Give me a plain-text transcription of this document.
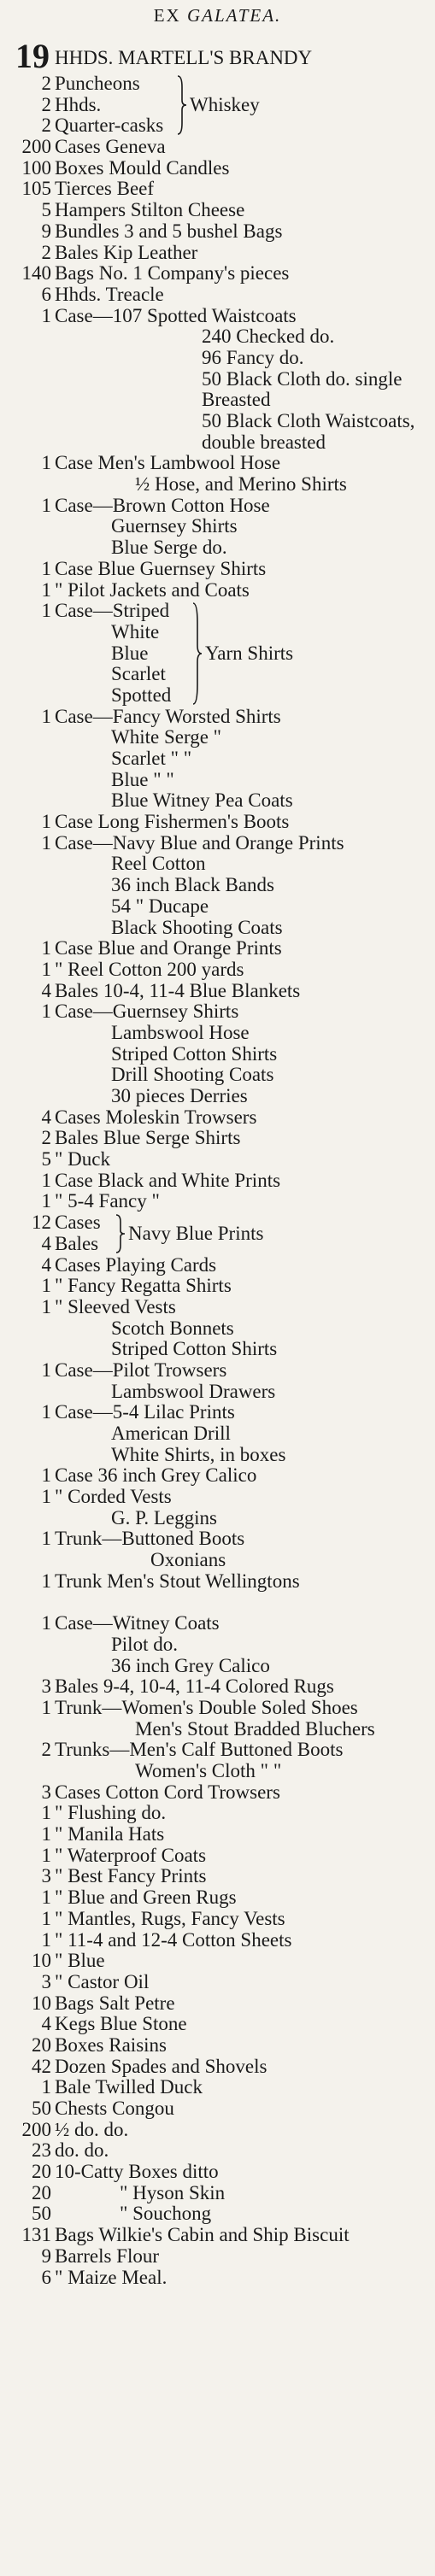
EX GALATEA.
19 HHDS. MARTELL'S BRANDY
2 Puncheons
2 Hhds.
2 Quarter-casks
200 Cases Geneva
100 Boxes Mould Candles
105 Tierces Beef
5 Hampers Stilton Cheese
9 Bundles 3 and 5 bushel Bags
2 Bales Kip Leather
140 Bags No. 1 Company's pieces
6 Hhds. Treacle
1 Case—107 Spotted Waistcoats
240 Checked do.
96 Fancy do.
50 Black Cloth do. single
Breasted
50 Black Cloth Waistcoats,
double breasted
1 Case Men's Lambwool Hose
½ Hose, and Merino Shirts
1 Case—Brown Cotton Hose
Guernsey Shirts
Blue Serge do.
1 Case Blue Guernsey Shirts
1 " Pilot Jackets and Coats
1 Case—Striped
White
Blue
Scarlet
Spotted
1 Case—Fancy Worsted Shirts
White Serge "
Scarlet " "
Blue " "
Blue Witney Pea Coats
1 Case Long Fishermen's Boots
1 Case—Navy Blue and Orange Prints
Reel Cotton
36 inch Black Bands
54 " Ducape
Black Shooting Coats
1 Case Blue and Orange Prints
1 " Reel Cotton 200 yards
4 Bales 10-4, 11-4 Blue Blankets
1 Case—Guernsey Shirts
Lambswool Hose
Striped Cotton Shirts
Drill Shooting Coats
30 pieces Derries
4 Cases Moleskin Trowsers
2 Bales Blue Serge Shirts
5 " Duck
1 Case Black and White Prints
1 " 5-4 Fancy "
12 Cases
4 Bales
4 Cases Playing Cards
1 " Fancy Regatta Shirts
1 " Sleeved Vests
Scotch Bonnets
Striped Cotton Shirts
1 Case—Pilot Trowsers
Lambswool Drawers
1 Case—5-4 Lilac Prints
American Drill
White Shirts, in boxes
1 Case 36 inch Grey Calico
1 " Corded Vests
G. P. Leggins
1 Trunk—Buttoned Boots
Oxonians
1 Trunk Men's Stout Wellingtons
1 Case—Witney Coats
Pilot do.
36 inch Grey Calico
3 Bales 9-4, 10-4, 11-4 Colored Rugs
1 Trunk—Women's Double Soled Shoes
Men's Stout Bradded Bluchers
2 Trunks—Men's Calf Buttoned Boots
Women's Cloth " "
3 Cases Cotton Cord Trowsers
1 " Flushing do.
1 " Manila Hats
1 " Waterproof Coats
3 " Best Fancy Prints
1 " Blue and Green Rugs
1 " Mantles, Rugs, Fancy Vests
1 " 11-4 and 12-4 Cotton Sheets
10 " Blue
3 " Castor Oil
10 Bags Salt Petre
4 Kegs Blue Stone
20 Boxes Raisins
42 Dozen Spades and Shovels
1 Bale Twilled Duck
50 Chests Congou
200 ½ do. do.
23 do. do.
20 10-Catty Boxes ditto
20	" Hyson Skin
50	" Souchong
131 Bags Wilkie's Cabin and Ship Biscuit
9 Barrels Flour
6 " Maize Meal.
Whiskey
Yarn Shirts
Navy Blue Prints
